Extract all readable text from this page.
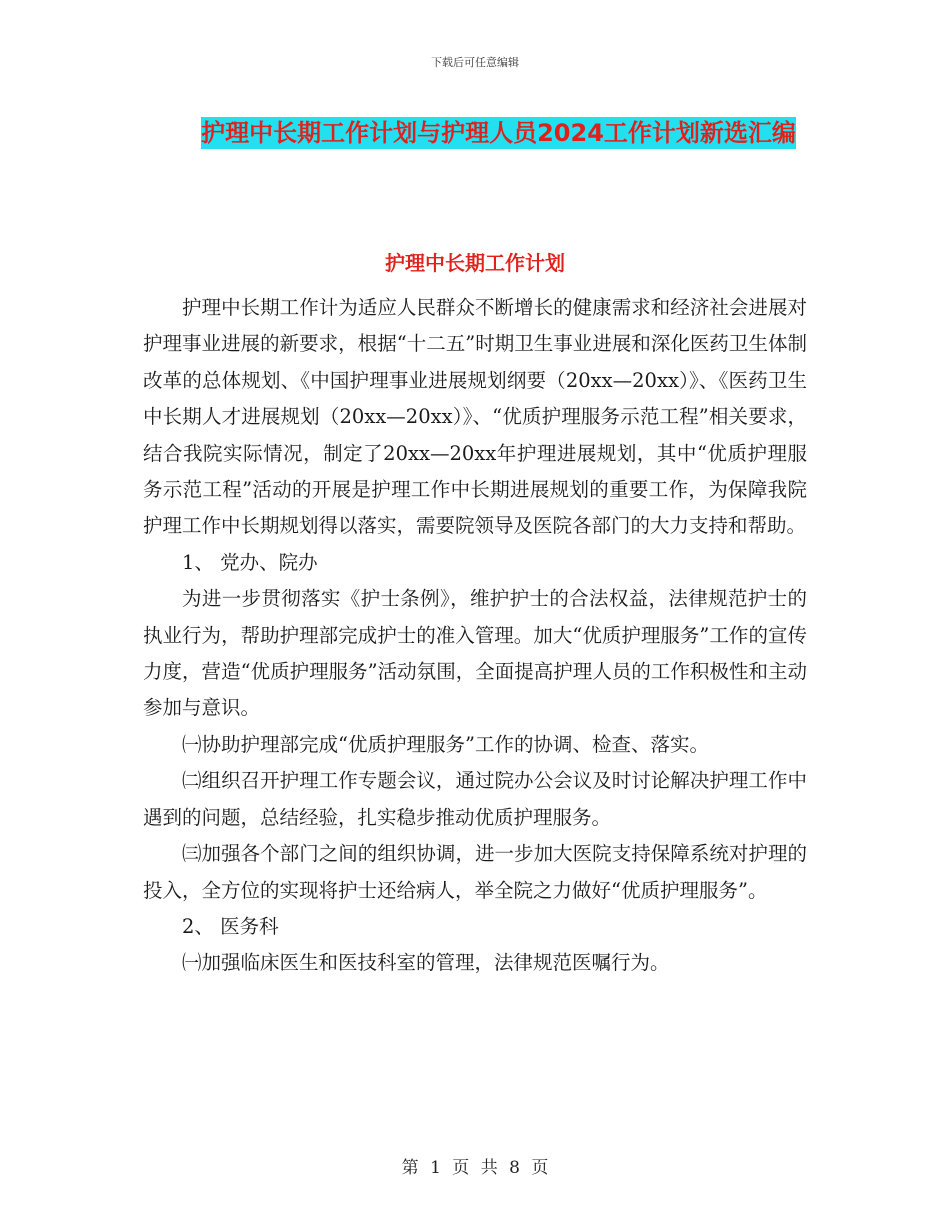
下载后可任意编辑
护理中长期工作计划与护理人员2024工作计划新选汇编
护理中长期工作计划

护理中长期工作计为适应人民群众不断增长的健康需求和经济社会进展对护理事业进展的新要求，根据“十二五”时期卫生事业进展和深化医药卫生体制改革的总体规划、《中国护理事业进展规划纲要（20xx—20xx）》、《医药卫生中长期人才进展规划（20xx—20xx）》、“优质护理服务示范工程”相关要求，结合我院实际情况，制定了20xx—20xx年护理进展规划，其中“优质护理服务示范工程”活动的开展是护理工作中长期进展规划的重要工作，为保障我院护理工作中长期规划得以落实，需要院领导及医院各部门的大力支持和帮助。

1、 党办、院办

为进一步贯彻落实《护士条例》，维护护士的合法权益，法律规范护士的执业行为，帮助护理部完成护士的准入管理。加大“优质护理服务”工作的宣传力度，营造“优质护理服务”活动氛围，全面提高护理人员的工作积极性和主动参加与意识。

㈠协助护理部完成“优质护理服务”工作的协调、检查、落实。

㈡组织召开护理工作专题会议，通过院办公会议及时讨论解决护理工作中遇到的问题，总结经验，扎实稳步推动优质护理服务。

㈢加强各个部门之间的组织协调，进一步加大医院支持保障系统对护理的投入，全方位的实现将护士还给病人，举全院之力做好“优质护理服务”。

2、 医务科

㈠加强临床医生和医技科室的管理，法律规范医嘱行为。

第 1 页 共 8 页
